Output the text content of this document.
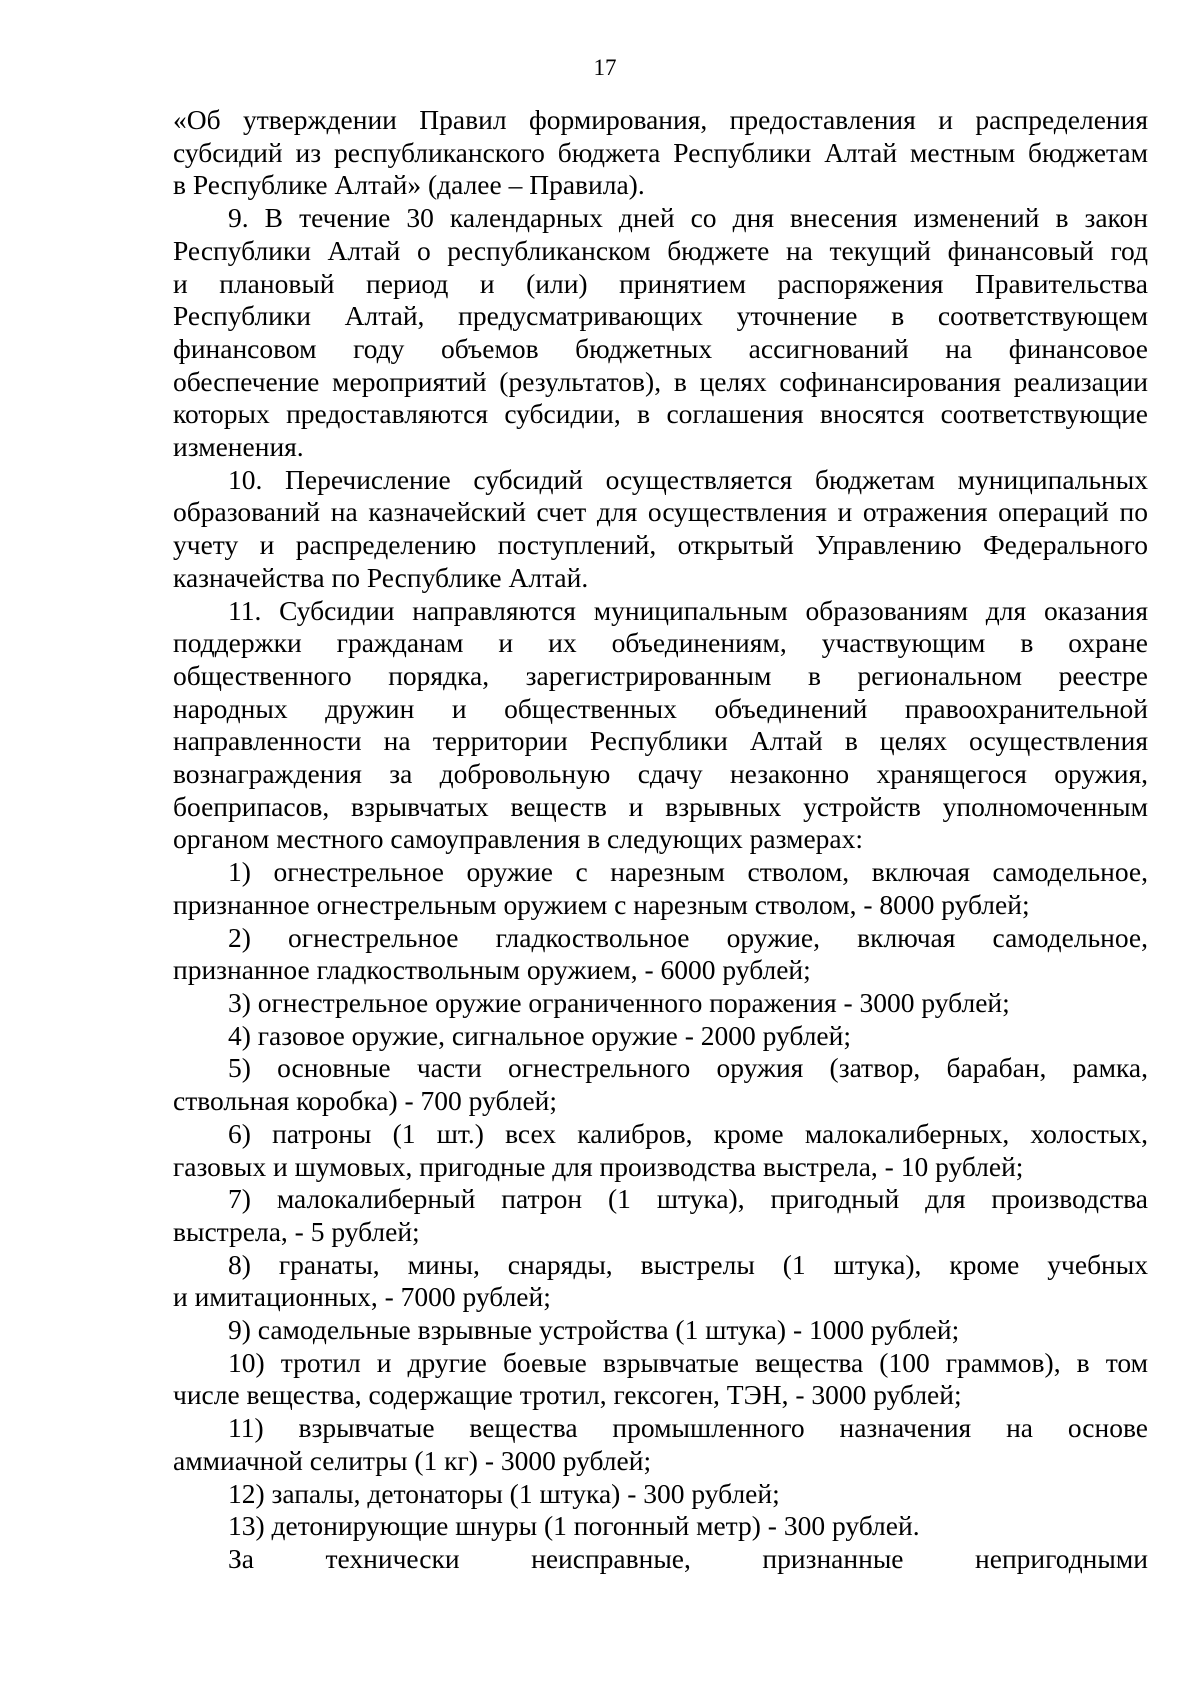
17
«Об утверждении Правил формирования, предоставления и распределения
субсидий из республиканского бюджета Республики Алтай местным бюджетам
в Республике Алтай» (далее – Правила).
9. В течение 30 календарных дней со дня внесения изменений в закон
Республики Алтай о республиканском бюджете на текущий финансовый год
и плановый период и (или) принятием распоряжения Правительства
Республики Алтай, предусматривающих уточнение в соответствующем
финансовом году объемов бюджетных ассигнований на финансовое
обеспечение мероприятий (результатов), в целях софинансирования реализации
которых предоставляются субсидии, в соглашения вносятся соответствующие
изменения.
10. Перечисление субсидий осуществляется бюджетам муниципальных
образований на казначейский счет для осуществления и отражения операций по
учету и распределению поступлений, открытый Управлению Федерального
казначейства по Республике Алтай.
11. Субсидии направляются муниципальным образованиям для оказания
поддержки гражданам и их объединениям, участвующим в охране
общественного порядка, зарегистрированным в региональном реестре
народных дружин и общественных объединений правоохранительной
направленности на территории Республики Алтай в целях осуществления
вознаграждения за добровольную сдачу незаконно хранящегося оружия,
боеприпасов, взрывчатых веществ и взрывных устройств уполномоченным
органом местного самоуправления в следующих размерах:
1) огнестрельное оружие с нарезным стволом, включая самодельное,
признанное огнестрельным оружием с нарезным стволом, - 8000 рублей;
2) огнестрельное гладкоствольное оружие, включая самодельное,
признанное гладкоствольным оружием, - 6000 рублей;
3) огнестрельное оружие ограниченного поражения - 3000 рублей;
4) газовое оружие, сигнальное оружие - 2000 рублей;
5) основные части огнестрельного оружия (затвор, барабан, рамка,
ствольная коробка) - 700 рублей;
6) патроны (1 шт.) всех калибров, кроме малокалиберных, холостых,
газовых и шумовых, пригодные для производства выстрела, - 10 рублей;
7) малокалиберный патрон (1 штука), пригодный для производства
выстрела, - 5 рублей;
8) гранаты, мины, снаряды, выстрелы (1 штука), кроме учебных
и имитационных, - 7000 рублей;
9) самодельные взрывные устройства (1 штука) - 1000 рублей;
10) тротил и другие боевые взрывчатые вещества (100 граммов), в том
числе вещества, содержащие тротил, гексоген, ТЭН, - 3000 рублей;
11) взрывчатые вещества промышленного назначения на основе
аммиачной селитры (1 кг) - 3000 рублей;
12) запалы, детонаторы (1 штука) - 300 рублей;
13) детонирующие шнуры (1 погонный метр) - 300 рублей.
За технически неисправные, признанные непригодными
